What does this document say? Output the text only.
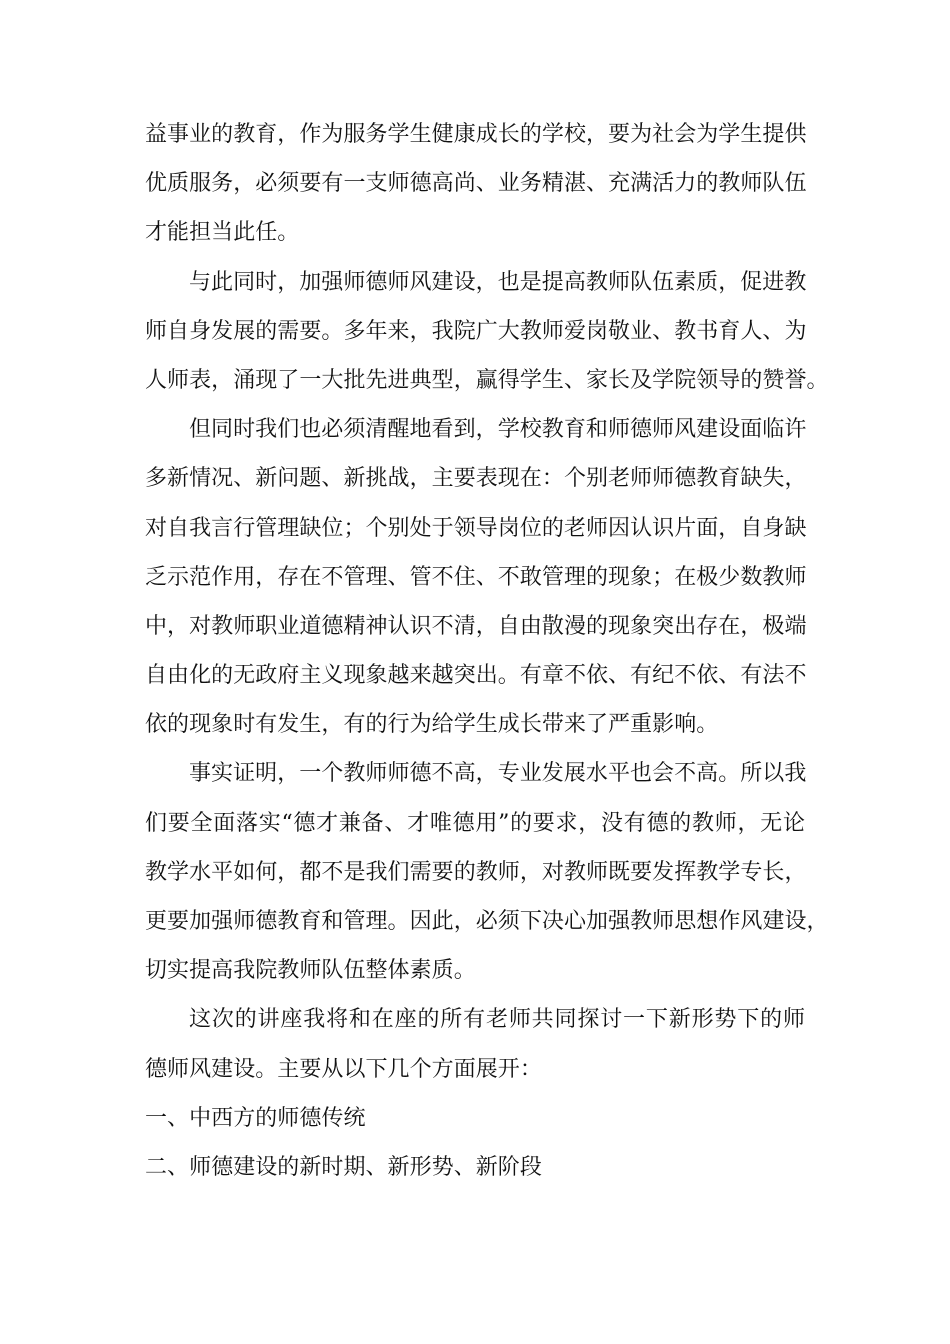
益事业的教育，作为服务学生健康成长的学校，要为社会为学生提供
优质服务，必须要有一支师德高尚、业务精湛、充满活力的教师队伍
才能担当此任。
与此同时，加强师德师风建设，也是提高教师队伍素质，促进教
师自身发展的需要。多年来，我院广大教师爱岗敬业、教书育人、为
人师表，涌现了一大批先进典型，赢得学生、家长及学院领导的赞誉。
但同时我们也必须清醒地看到，学校教育和师德师风建设面临许
多新情况、新问题、新挑战，主要表现在：个别老师师德教育缺失，
对自我言行管理缺位；个别处于领导岗位的老师因认识片面，自身缺
乏示范作用，存在不管理、管不住、不敢管理的现象；在极少数教师
中，对教师职业道德精神认识不清，自由散漫的现象突出存在，极端
自由化的无政府主义现象越来越突出。有章不依、有纪不依、有法不
依的现象时有发生，有的行为给学生成长带来了严重影响。
事实证明，一个教师师德不高，专业发展水平也会不高。所以我
们要全面落实“德才兼备、才唯德用”的要求，没有德的教师，无论
教学水平如何，都不是我们需要的教师，对教师既要发挥教学专长，
更要加强师德教育和管理。因此，必须下决心加强教师思想作风建设，
切实提高我院教师队伍整体素质。
这次的讲座我将和在座的所有老师共同探讨一下新形势下的师
德师风建设。主要从以下几个方面展开：
一、中西方的师德传统
二、师德建设的新时期、新形势、新阶段
